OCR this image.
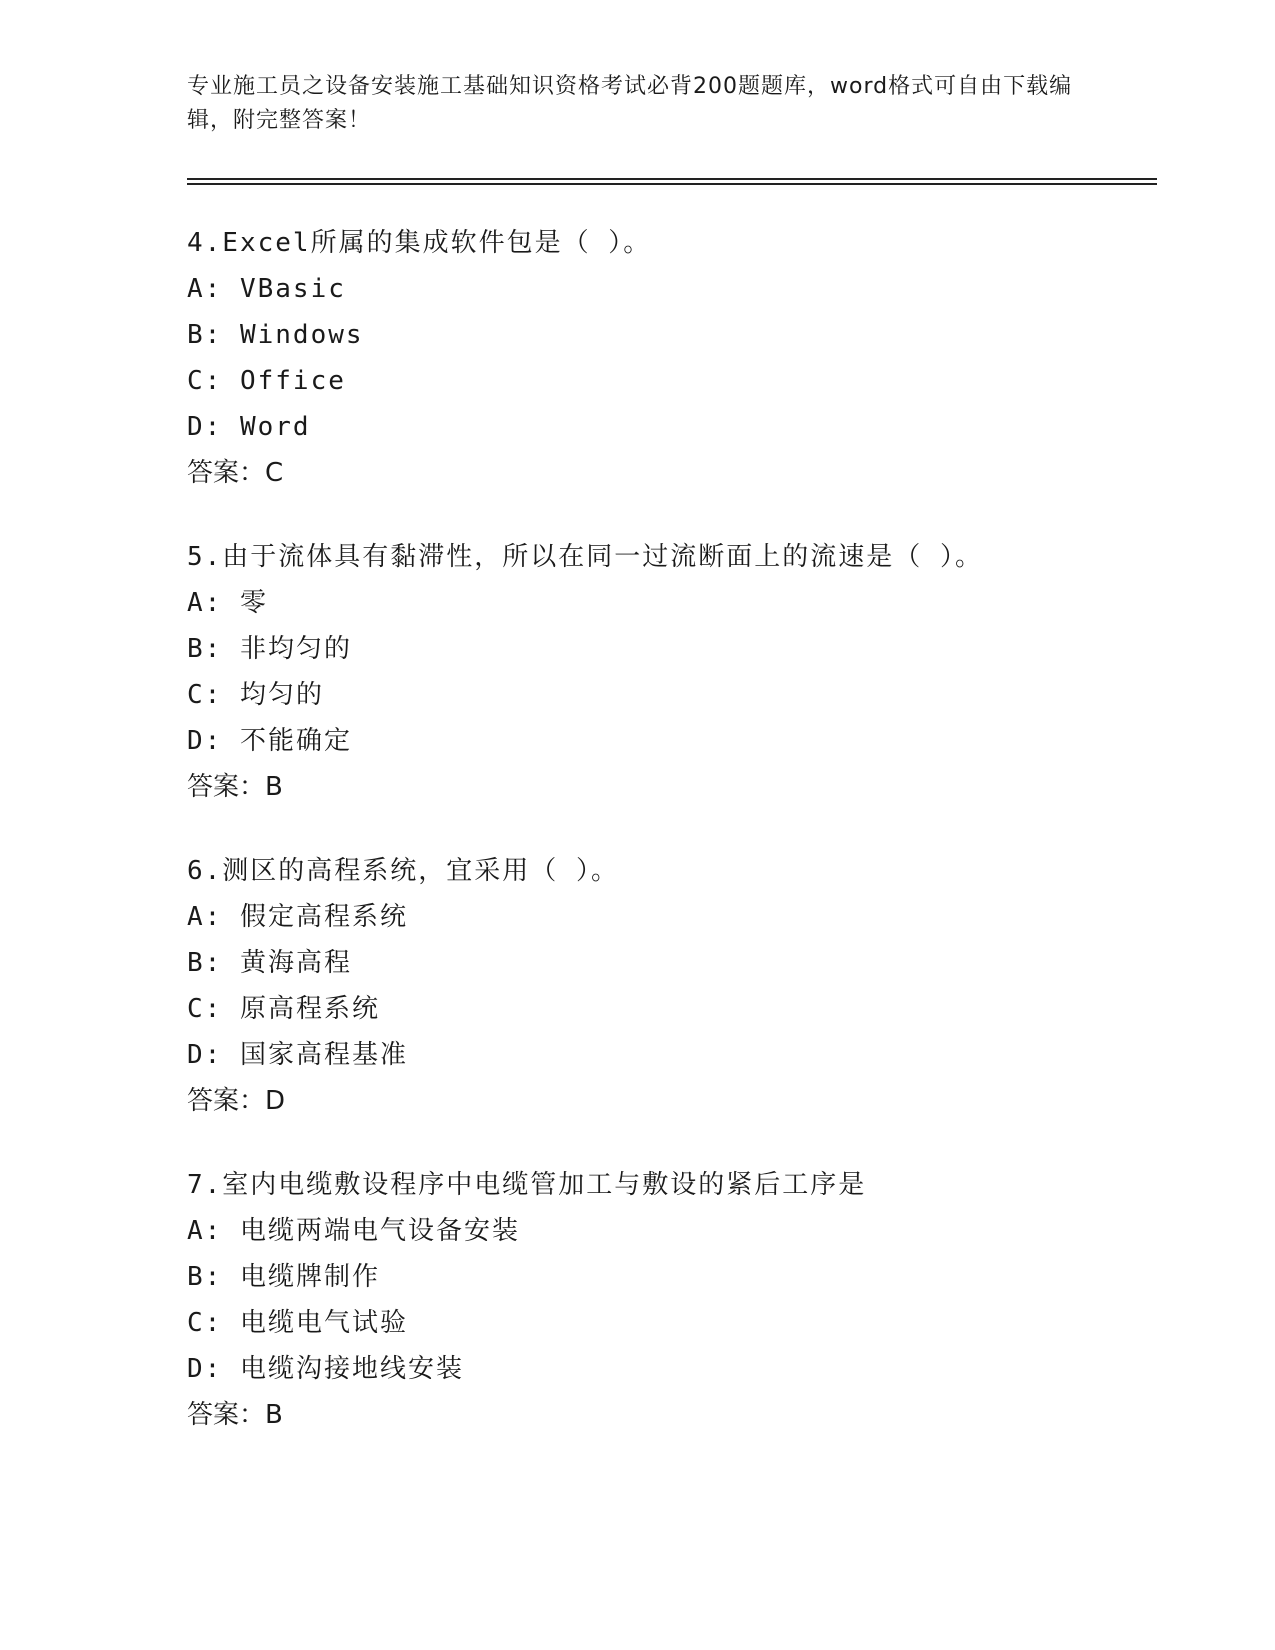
专业施工员之设备安装施工基础知识资格考试必背200题题库，word格式可自由下载编辑，附完整答案！
4.Excel所属的集成软件包是（ ）。
A: VBasic
B: Windows
C: Office
D: Word
答案：C
5.由于流体具有黏滞性，所以在同一过流断面上的流速是（ ）。
A: 零
B: 非均匀的
C: 均匀的
D: 不能确定
答案：B
6.测区的高程系统，宜采用（ ）。
A: 假定高程系统
B: 黄海高程
C: 原高程系统
D: 国家高程基准
答案：D
7.室内电缆敷设程序中电缆管加工与敷设的紧后工序是
A: 电缆两端电气设备安装
B: 电缆牌制作
C: 电缆电气试验
D: 电缆沟接地线安装
答案：B
